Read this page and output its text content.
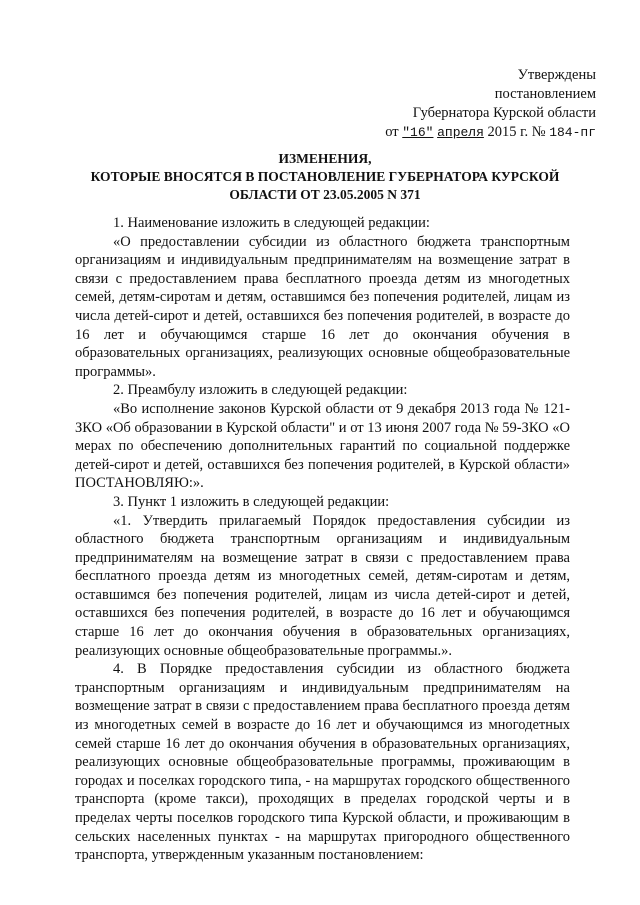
Утверждены
постановлением
Губернатора Курской области
от "16" апреля 2015 г. № 184-пг
ИЗМЕНЕНИЯ,
КОТОРЫЕ ВНОСЯТСЯ В ПОСТАНОВЛЕНИЕ ГУБЕРНАТОРА КУРСКОЙ
ОБЛАСТИ ОТ 23.05.2005 N 371

1. Наименование изложить в следующей редакции:

«О предоставлении субсидии из областного бюджета транспортным организациям и индивидуальным предпринимателям на возмещение затрат в связи с предоставлением права бесплатного проезда детям из многодетных семей, детям-сиротам и детям, оставшимся без попечения родителей, лицам из числа детей-сирот и детей, оставшихся без попечения родителей, в возрасте до 16 лет и обучающимся старше 16 лет до окончания обучения в образовательных организациях, реализующих основные общеобразовательные программы».

2. Преамбулу изложить в следующей редакции:

«Во исполнение законов Курской области от 9 декабря 2013 года № 121-ЗКО «Об образовании в Курской области" и от 13 июня 2007 года № 59-ЗКО «О мерах по обеспечению дополнительных гарантий по социальной поддержке детей-сирот и детей, оставшихся без попечения родителей, в Курской области» ПОСТАНОВЛЯЮ:».

3. Пункт 1 изложить в следующей редакции:

«1. Утвердить прилагаемый Порядок предоставления субсидии из областного бюджета транспортным организациям и индивидуальным предпринимателям на возмещение затрат в связи с предоставлением права бесплатного проезда детям из многодетных семей, детям-сиротам и детям, оставшимся без попечения родителей, лицам из числа детей-сирот и детей, оставшихся без попечения родителей, в возрасте до 16 лет и обучающимся старше 16 лет до окончания обучения в образовательных организациях, реализующих основные общеобразовательные программы.».

4. В Порядке предоставления субсидии из областного бюджета транспортным организациям и индивидуальным предпринимателям на возмещение затрат в связи с предоставлением права бесплатного проезда детям из многодетных семей в возрасте до 16 лет и обучающимся из многодетных семей старше 16 лет до окончания обучения в образовательных организациях, реализующих основные общеобразовательные программы, проживающим в городах и поселках городского типа, - на маршрутах городского общественного транспорта (кроме такси), проходящих в пределах городской черты и в пределах черты поселков городского типа Курской области, и проживающим в сельских населенных пунктах - на маршрутах пригородного общественного транспорта, утвержденным указанным постановлением:
